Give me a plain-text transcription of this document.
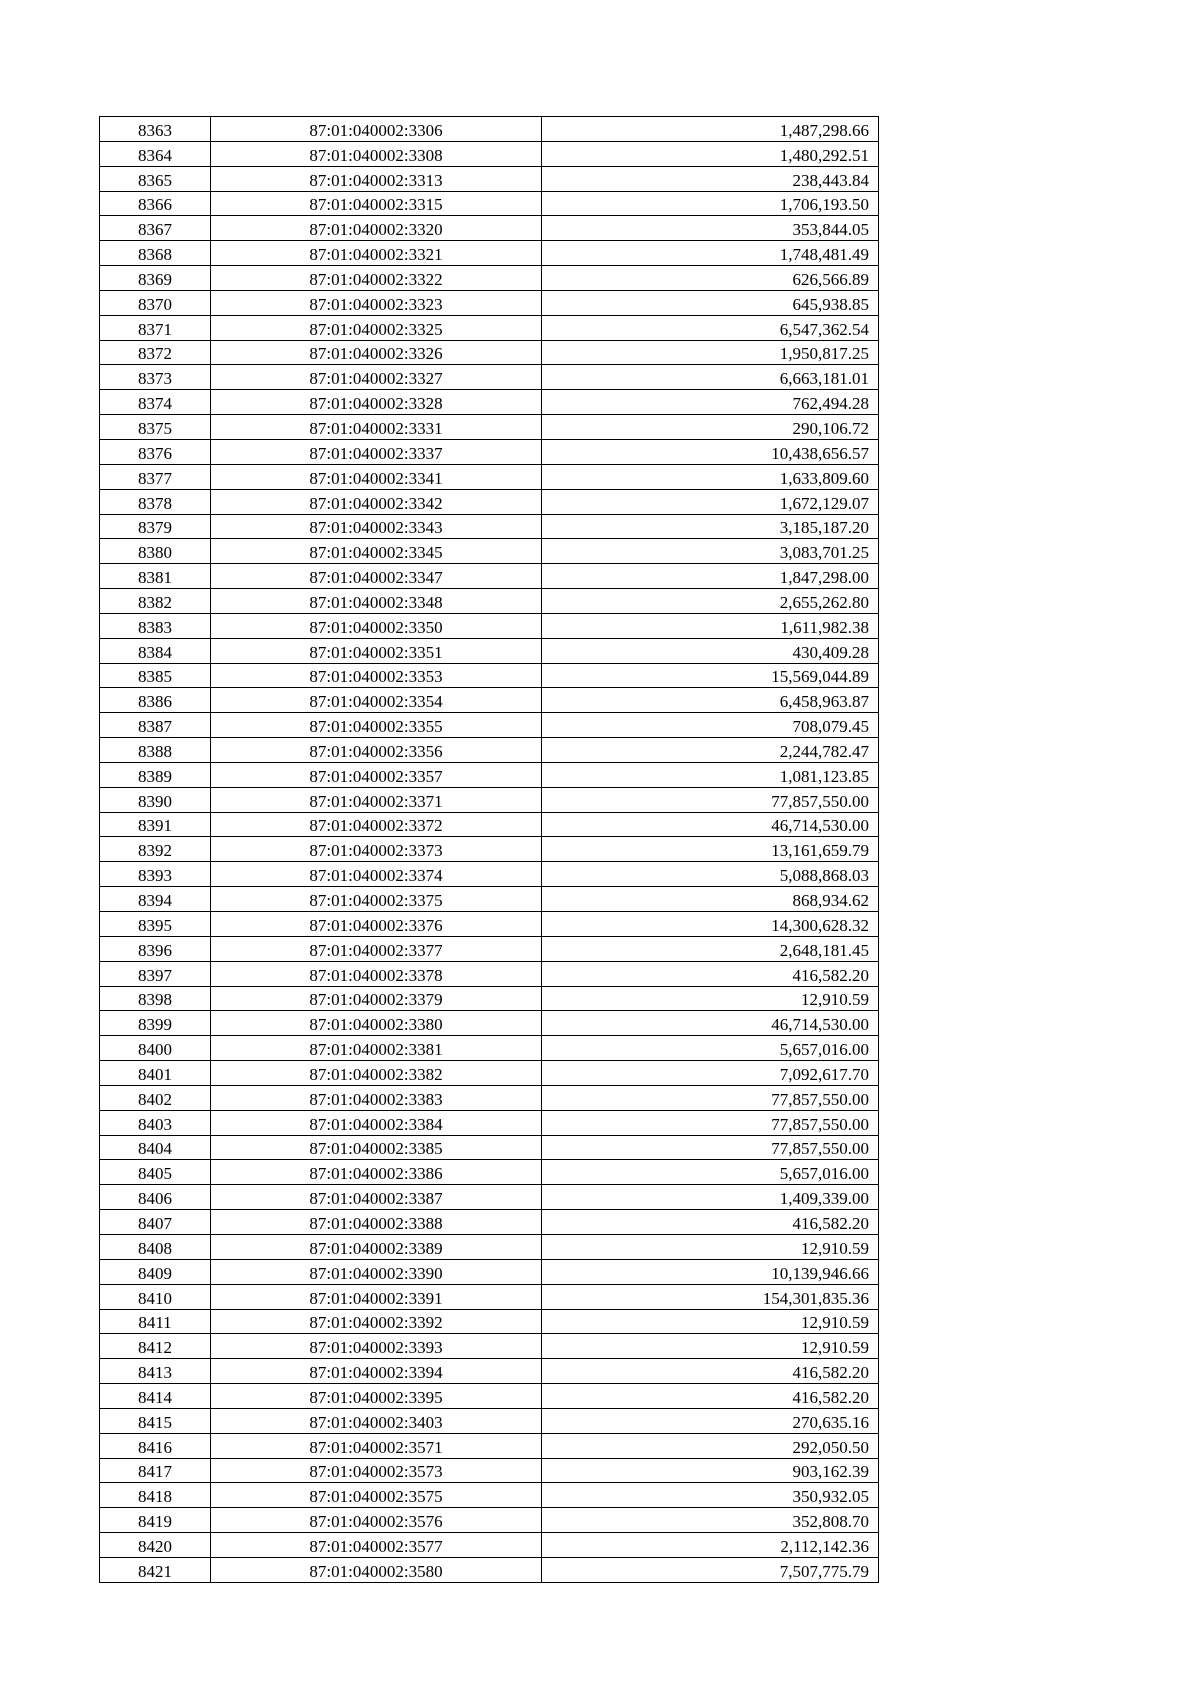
8363	87:01:040002:3306	1,487,298.66
8364	87:01:040002:3308	1,480,292.51
8365	87:01:040002:3313	238,443.84
8366	87:01:040002:3315	1,706,193.50
8367	87:01:040002:3320	353,844.05
8368	87:01:040002:3321	1,748,481.49
8369	87:01:040002:3322	626,566.89
8370	87:01:040002:3323	645,938.85
8371	87:01:040002:3325	6,547,362.54
8372	87:01:040002:3326	1,950,817.25
8373	87:01:040002:3327	6,663,181.01
8374	87:01:040002:3328	762,494.28
8375	87:01:040002:3331	290,106.72
8376	87:01:040002:3337	10,438,656.57
8377	87:01:040002:3341	1,633,809.60
8378	87:01:040002:3342	1,672,129.07
8379	87:01:040002:3343	3,185,187.20
8380	87:01:040002:3345	3,083,701.25
8381	87:01:040002:3347	1,847,298.00
8382	87:01:040002:3348	2,655,262.80
8383	87:01:040002:3350	1,611,982.38
8384	87:01:040002:3351	430,409.28
8385	87:01:040002:3353	15,569,044.89
8386	87:01:040002:3354	6,458,963.87
8387	87:01:040002:3355	708,079.45
8388	87:01:040002:3356	2,244,782.47
8389	87:01:040002:3357	1,081,123.85
8390	87:01:040002:3371	77,857,550.00
8391	87:01:040002:3372	46,714,530.00
8392	87:01:040002:3373	13,161,659.79
8393	87:01:040002:3374	5,088,868.03
8394	87:01:040002:3375	868,934.62
8395	87:01:040002:3376	14,300,628.32
8396	87:01:040002:3377	2,648,181.45
8397	87:01:040002:3378	416,582.20
8398	87:01:040002:3379	12,910.59
8399	87:01:040002:3380	46,714,530.00
8400	87:01:040002:3381	5,657,016.00
8401	87:01:040002:3382	7,092,617.70
8402	87:01:040002:3383	77,857,550.00
8403	87:01:040002:3384	77,857,550.00
8404	87:01:040002:3385	77,857,550.00
8405	87:01:040002:3386	5,657,016.00
8406	87:01:040002:3387	1,409,339.00
8407	87:01:040002:3388	416,582.20
8408	87:01:040002:3389	12,910.59
8409	87:01:040002:3390	10,139,946.66
8410	87:01:040002:3391	154,301,835.36
8411	87:01:040002:3392	12,910.59
8412	87:01:040002:3393	12,910.59
8413	87:01:040002:3394	416,582.20
8414	87:01:040002:3395	416,582.20
8415	87:01:040002:3403	270,635.16
8416	87:01:040002:3571	292,050.50
8417	87:01:040002:3573	903,162.39
8418	87:01:040002:3575	350,932.05
8419	87:01:040002:3576	352,808.70
8420	87:01:040002:3577	2,112,142.36
8421	87:01:040002:3580	7,507,775.79
